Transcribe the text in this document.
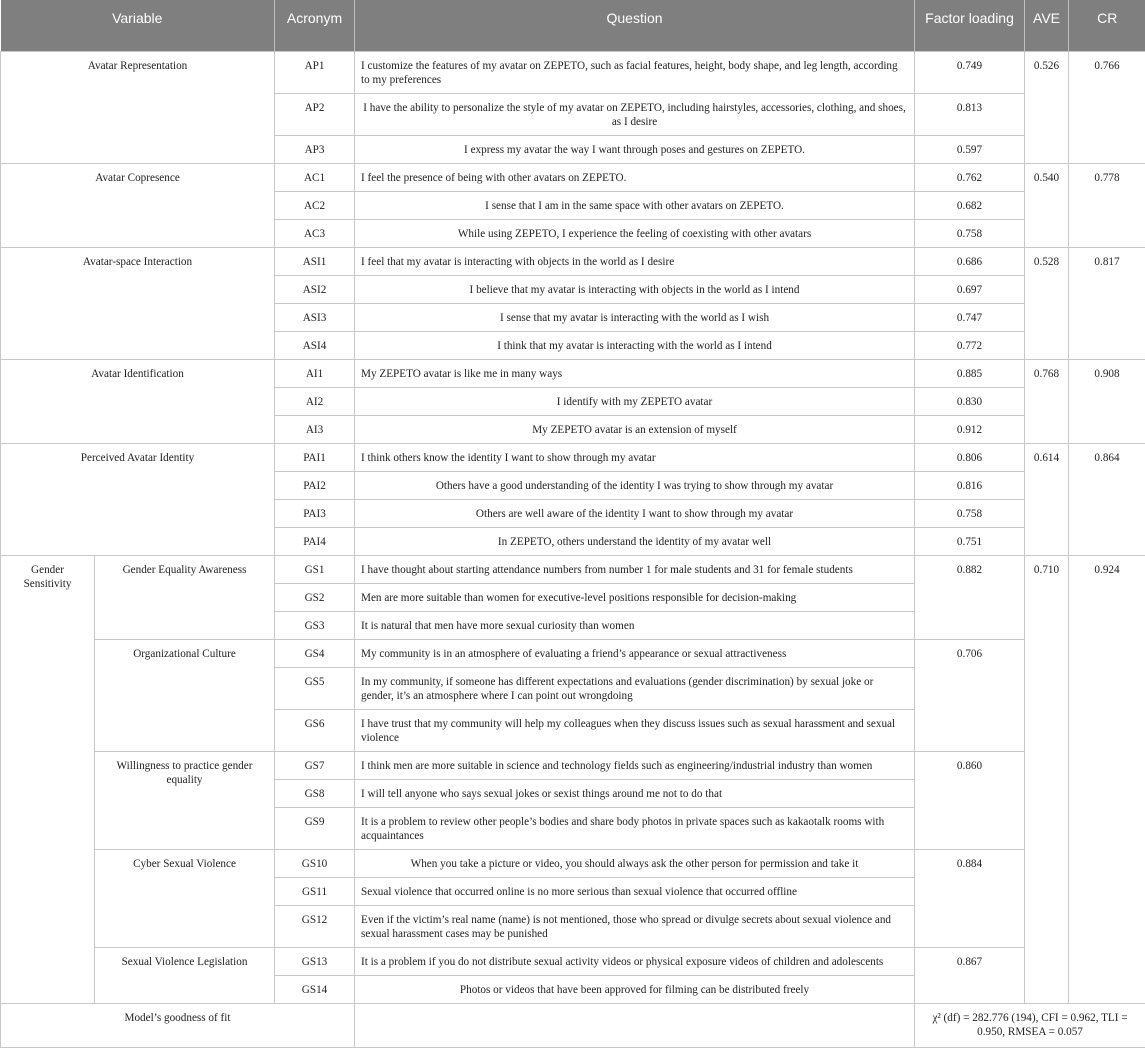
Variable		Acronym	Question	Factor loading	AVE	CR

Avatar Representation		AP1	I customize the features of my avatar on ZEPETO, such as facial features, height, body shape, and leg length, according to my preferences	0.749	0.526	0.766
		AP2	I have the ability to personalize the style of my avatar on ZEPETO, including hairstyles, accessories, clothing, and shoes, as I desire	0.813		
		AP3	I express my avatar the way I want through poses and gestures on ZEPETO.	0.597		
Avatar Copresence		AC1	I feel the presence of being with other avatars on ZEPETO.	0.762	0.540	0.778
		AC2	I sense that I am in the same space with other avatars on ZEPETO.	0.682		
		AC3	While using ZEPETO, I experience the feeling of coexisting with other avatars	0.758		
Avatar-space Interaction		ASI1	I feel that my avatar is interacting with objects in the world as I desire	0.686	0.528	0.817
		ASI2	I believe that my avatar is interacting with objects in the world as I intend	0.697		
		ASI3	I sense that my avatar is interacting with the world as I wish	0.747		
		ASI4	I think that my avatar is interacting with the world as I intend	0.772		
Avatar Identification		AI1	My ZEPETO avatar is like me in many ways	0.885	0.768	0.908
		AI2	I identify with my ZEPETO avatar	0.830		
		AI3	My ZEPETO avatar is an extension of myself	0.912		
Perceived Avatar Identity		PAI1	I think others know the identity I want to show through my avatar	0.806	0.614	0.864
		PAI2	Others have a good understanding of the identity I was trying to show through my avatar	0.816		
		PAI3	Others are well aware of the identity I want to show through my avatar	0.758		
		PAI4	In ZEPETO, others understand the identity of my avatar well	0.751		
Gender Sensitivity	Gender Equality Awareness	GS1	I have thought about starting attendance numbers from number 1 for male students and 31 for female students	0.882	0.710	0.924
		GS2	Men are more suitable than women for executive-level positions responsible for decision-making			
		GS3	It is natural that men have more sexual curiosity than women			
	Organizational Culture	GS4	My community is in an atmosphere of evaluating a friend’s appearance or sexual attractiveness	0.706		
		GS5	In my community, if someone has different expectations and evaluations (gender discrimination) by sexual joke or gender, it’s an atmosphere where I can point out wrongdoing			
		GS6	I have trust that my community will help my colleagues when they discuss issues such as sexual harassment and sexual violence			
	Willingness to practice gender equality	GS7	I think men are more suitable in science and technology fields such as engineering/industrial industry than women	0.860		
		GS8	I will tell anyone who says sexual jokes or sexist things around me not to do that			
		GS9	It is a problem to review other people’s bodies and share body photos in private spaces such as kakaotalk rooms with acquaintances			
	Cyber Sexual Violence	GS10	When you take a picture or video, you should always ask the other person for permission and take it	0.884		
		GS11	Sexual violence that occurred online is no more serious than sexual violence that occurred offline			
		GS12	Even if the victim’s real name (name) is not mentioned, those who spread or divulge secrets about sexual violence and sexual harassment cases may be punished			
	Sexual Violence Legislation	GS13	It is a problem if you do not distribute sexual activity videos or physical exposure videos of children and adolescents	0.867		
		GS14	Photos or videos that have been approved for filming can be distributed freely			
Model’s goodness of fit				χ² (df) = 282.776 (194), CFI = 0.962, TLI = 0.950, RMSEA = 0.057		
